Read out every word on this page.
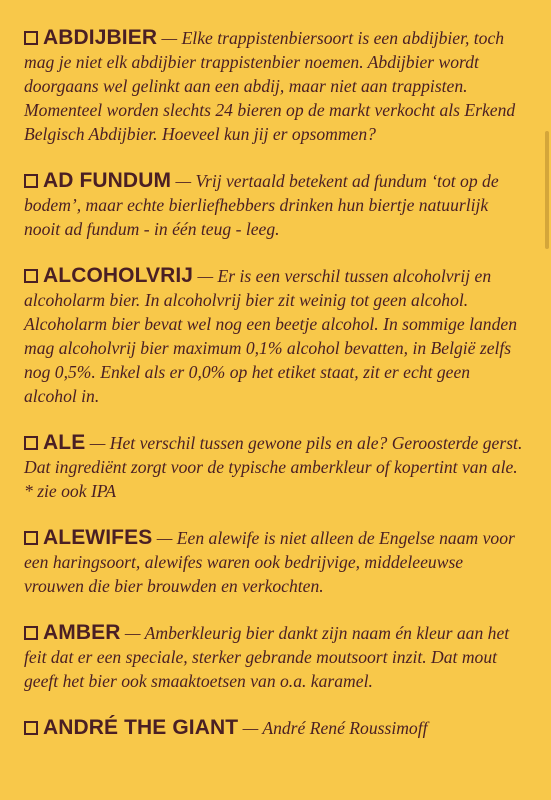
ABDIJBIER — Elke trappistenbiersoort is een abdijbier, toch mag je niet elk abdijbier trappistenbier noemen. Abdijbier wordt doorgaans wel gelinkt aan een abdij, maar niet aan trappisten. Momenteel worden slechts 24 bieren op de markt verkocht als Erkend Belgisch Abdijbier. Hoeveel kun jij er opsommen?
AD FUNDUM — Vrij vertaald betekent ad fundum ‘tot op de bodem’, maar echte bierliefhebbers drinken hun biertje natuurlijk nooit ad fundum - in één teug - leeg.
ALCOHOLVRIJ — Er is een verschil tussen alcoholvrij en alcoholarm bier. In alcoholvrij bier zit weinig tot geen alcohol. Alcoholarm bier bevat wel nog een beetje alcohol. In sommige landen mag alcoholvrij bier maximum 0,1% alcohol bevatten, in België zelfs nog 0,5%. Enkel als er 0,0% op het etiket staat, zit er echt geen alcohol in.
ALE — Het verschil tussen gewone pils en ale? Geroosterde gerst. Dat ingrediënt zorgt voor de typische amberkleur of kopertint van ale. * zie ook IPA
ALEWIFES — Een alewife is niet alleen de Engelse naam voor een haringsoort, alewifes waren ook bedrijvige, middeleeuwse vrouwen die bier brouwden en verkochten.
AMBER — Amberkleurig bier dankt zijn naam én kleur aan het feit dat er een speciale, sterker gebrande moutsoort inzit. Dat mout geeft het bier ook smaaktoetsen van o.a. karamel.
ANDRÉ THE GIANT — André René Roussimoff
